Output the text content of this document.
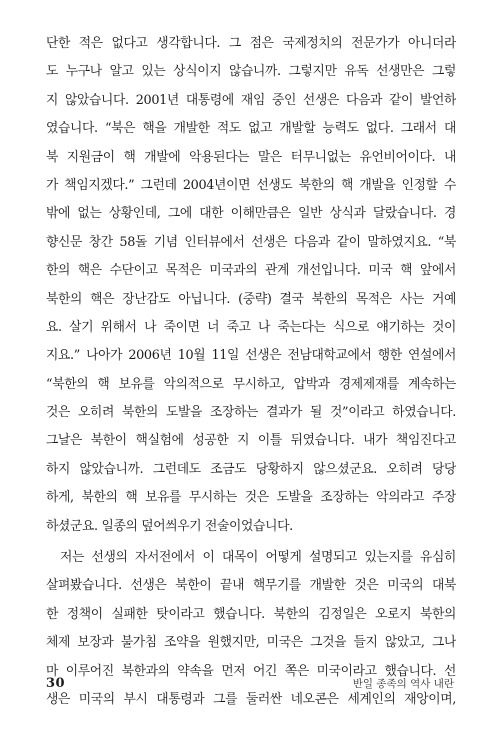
단한 적은 없다고 생각합니다. 그 점은 국제정치의 전문가가 아니더라
도 누구나 알고 있는 상식이지 않습니까. 그렇지만 유독 선생만은 그렇
지 않았습니다. 2001년 대통령에 재임 중인 선생은 다음과 같이 발언하
였습니다. “북은 핵을 개발한 적도 없고 개발할 능력도 없다. 그래서 대
북 지원금이 핵 개발에 악용된다는 말은 터무니없는 유언비어이다. 내
가 책임지겠다.” 그런데 2004년이면 선생도 북한의 핵 개발을 인정할 수
밖에 없는 상황인데, 그에 대한 이해만큼은 일반 상식과 달랐습니다. 경
향신문 창간 58돌 기념 인터뷰에서 선생은 다음과 같이 말하였지요. “북
한의 핵은 수단이고 목적은 미국과의 관계 개선입니다. 미국 핵 앞에서
북한의 핵은 장난감도 아닙니다. (중략) 결국 북한의 목적은 사는 거예
요. 살기 위해서 나 죽이면 너 죽고 나 죽는다는 식으로 얘기하는 것이
지요.” 나아가 2006년 10월 11일 선생은 전남대학교에서 행한 연설에서
“북한의 핵 보유를 악의적으로 무시하고, 압박과 경제제재를 계속하는
것은 오히려 북한의 도발을 조장하는 결과가 될 것”이라고 하였습니다.
그날은 북한이 핵실험에 성공한 지 이틀 뒤였습니다. 내가 책임진다고
하지 않았습니까. 그런데도 조금도 당황하지 않으셨군요. 오히려 당당
하게, 북한의 핵 보유를 무시하는 것은 도발을 조장하는 악의라고 주장
하셨군요. 일종의 덮어씌우기 전술이었습니다.
저는 선생의 자서전에서 이 대목이 어떻게 설명되고 있는지를 유심히
살펴봤습니다. 선생은 북한이 끝내 핵무기를 개발한 것은 미국의 대북
한 정책이 실패한 탓이라고 했습니다. 북한의 김정일은 오로지 북한의
체제 보장과 불가침 조약을 원했지만, 미국은 그것을 들지 않았고, 그나
마 이루어진 북한과의 약속을 먼저 어긴 쪽은 미국이라고 했습니다. 선
생은 미국의 부시 대통령과 그를 둘러싼 네오콘은 세계인의 재앙이며,
30	반일 종족의 역사 내란
